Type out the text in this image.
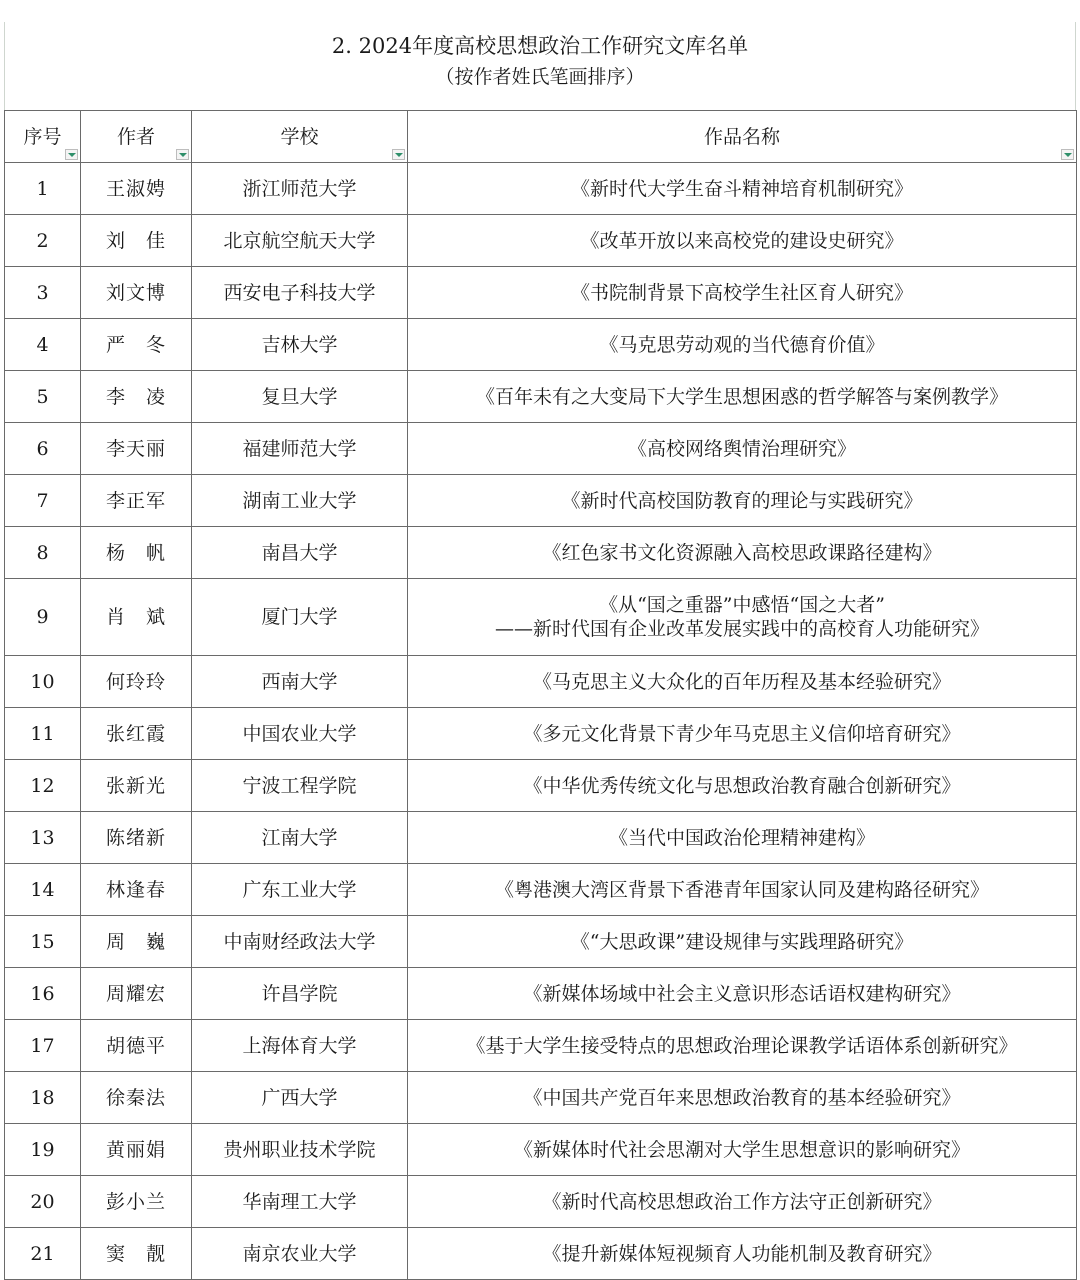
2. 2024年度高校思想政治工作研究文库名单
（按作者姓氏笔画排序）
序号	作者	学校	作品名称

1	王淑娉	浙江师范大学	《新时代大学生奋斗精神培育机制研究》

2	刘　佳	北京航空航天大学	《改革开放以来高校党的建设史研究》

3	刘文博	西安电子科技大学	《书院制背景下高校学生社区育人研究》

4	严　冬	吉林大学	《马克思劳动观的当代德育价值》

5	李　凌	复旦大学	《百年未有之大变局下大学生思想困惑的哲学解答与案例教学》

6	李天丽	福建师范大学	《高校网络舆情治理研究》

7	李正军	湖南工业大学	《新时代高校国防教育的理论与实践研究》

8	杨　帆	南昌大学	《红色家书文化资源融入高校思政课路径建构》

9	肖　斌	厦门大学	《从“国之重器”中感悟“国之大者”
——新时代国有企业改革发展实践中的高校育人功能研究》

10	何玲玲	西南大学	《马克思主义大众化的百年历程及基本经验研究》

11	张红霞	中国农业大学	《多元文化背景下青少年马克思主义信仰培育研究》

12	张新光	宁波工程学院	《中华优秀传统文化与思想政治教育融合创新研究》

13	陈绪新	江南大学	《当代中国政治伦理精神建构》

14	林逢春	广东工业大学	《粤港澳大湾区背景下香港青年国家认同及建构路径研究》

15	周　巍	中南财经政法大学	《“大思政课”建设规律与实践理路研究》

16	周耀宏	许昌学院	《新媒体场域中社会主义意识形态话语权建构研究》

17	胡德平	上海体育大学	《基于大学生接受特点的思想政治理论课教学话语体系创新研究》

18	徐秦法	广西大学	《中国共产党百年来思想政治教育的基本经验研究》

19	黄丽娟	贵州职业技术学院	《新媒体时代社会思潮对大学生思想意识的影响研究》

20	彭小兰	华南理工大学	《新时代高校思想政治工作方法守正创新研究》

21	窦　靓	南京农业大学	《提升新媒体短视频育人功能机制及教育研究》
